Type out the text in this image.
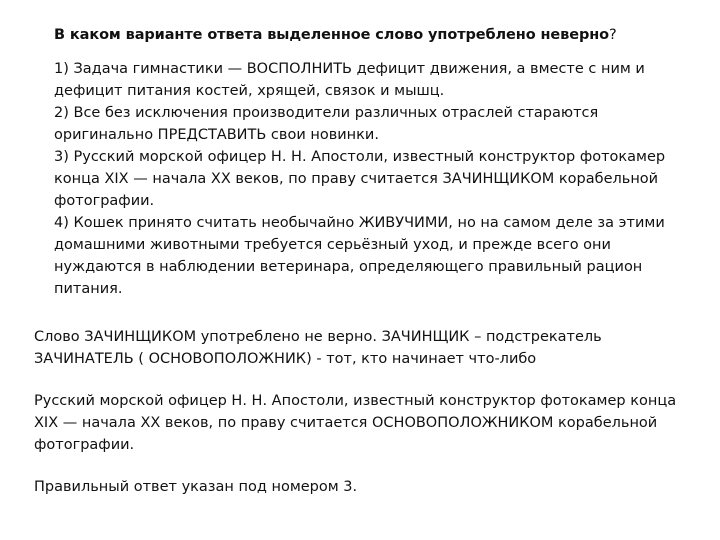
В каком варианте ответа выделенное слово употреблено неверно?

1) Задача гимнастики — ВОСПОЛНИТЬ дефицит движения, а вместе с ним и
дефицит питания костей, хрящей, связок и мышц.
2) Все без исключения производители различных отраслей стараются
оригинально ПРЕДСТАВИТЬ свои новинки.
3) Русский морской офицер Н. Н. Апостоли, известный конструктор фотокамер
конца XIX — начала XX веков, по праву считается ЗАЧИНЩИКОМ корабельной
фотографии.
4) Кошек принято считать необычайно ЖИВУЧИМИ, но на самом деле за этими
домашними животными требуется серьёзный уход, и прежде всего они
нуждаются в наблюдении ветеринара, определяющего правильный рацион
питания.

Слово ЗАЧИНЩИКОМ употреблено не верно. ЗАЧИНЩИК – подстрекатель

ЗАЧИНАТЕЛЬ ( ОСНОВОПОЛОЖНИК) - тот, кто начинает что-либо

Русский морской офицер Н. Н. Апостоли, известный конструктор фотокамер конца

XIX — начала XX веков, по праву считается ОСНОВОПОЛОЖНИКОМ корабельной

фотографии.

Правильный ответ указан под номером 3.
